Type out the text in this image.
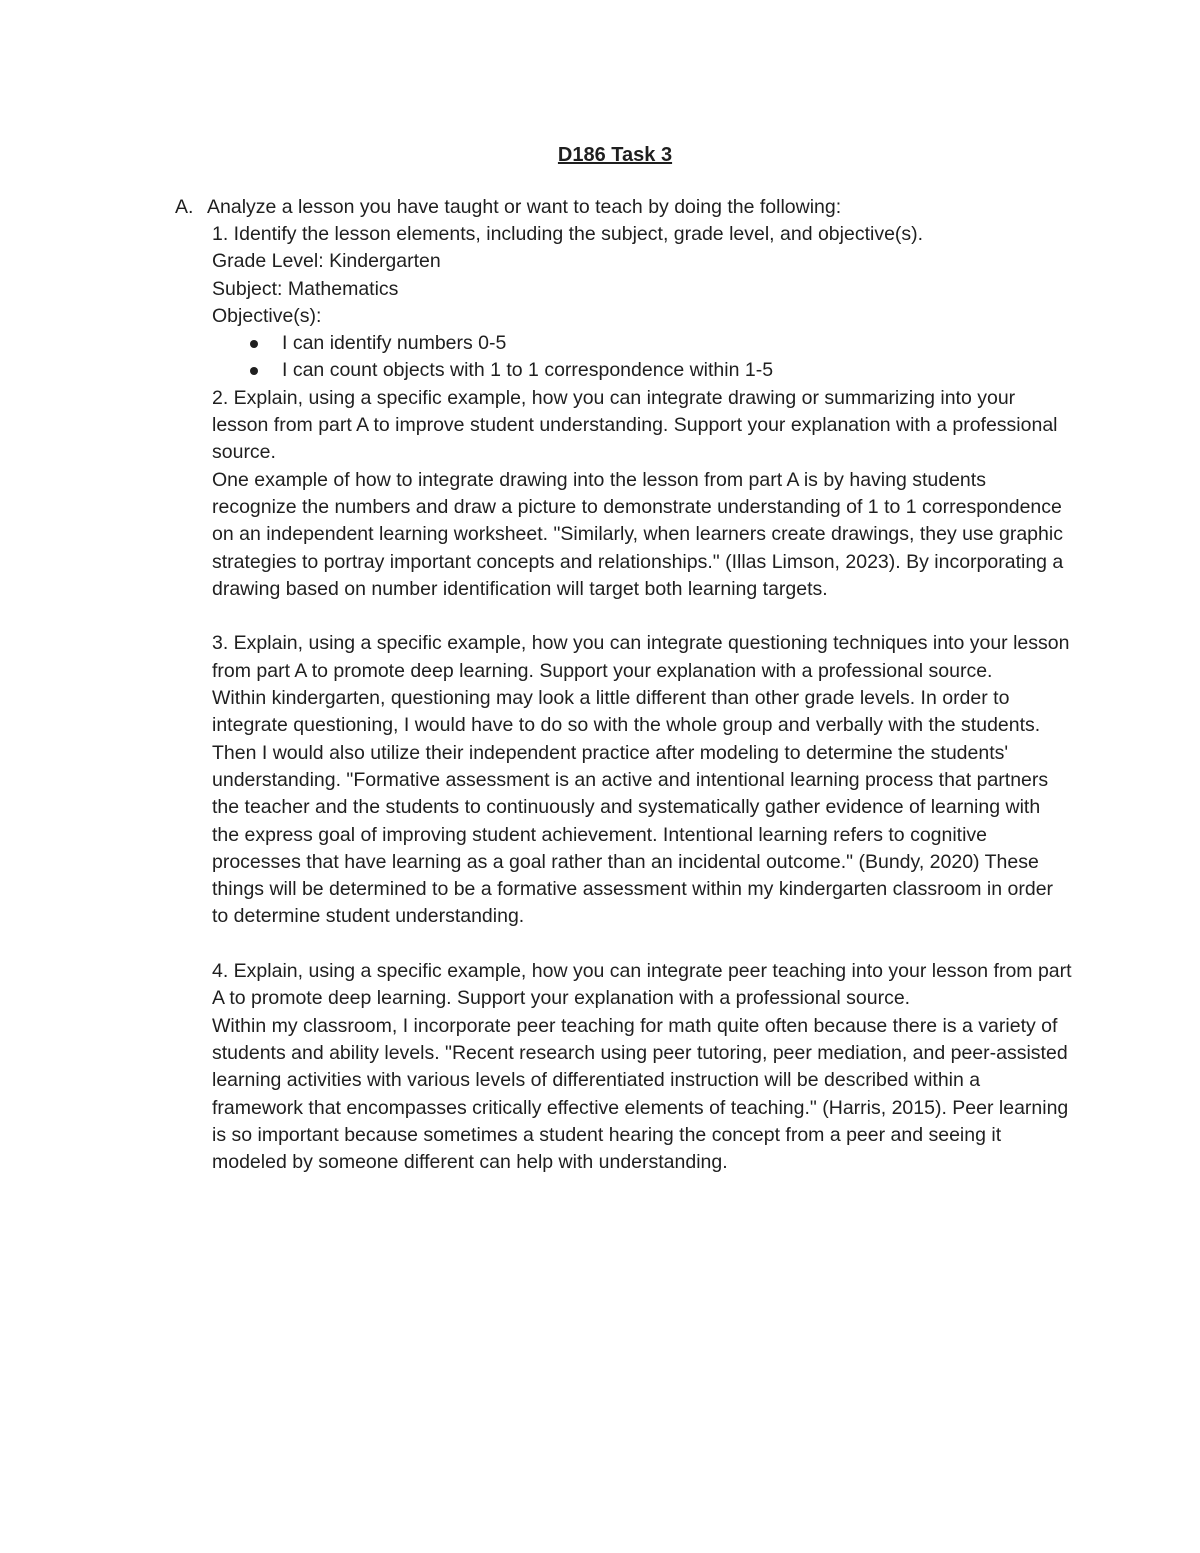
D186 Task 3
A. Analyze a lesson you have taught or want to teach by doing the following:

1. Identify the lesson elements, including the subject, grade level, and objective(s).

Grade Level: Kindergarten

Subject: Mathematics

Objective(s):

I can identify numbers 0-5
I can count objects with 1 to 1 correspondence within 1-5

2. Explain, using a specific example, how you can integrate drawing or summarizing into your lesson from part A to improve student understanding. Support your explanation with a professional source.

One example of how to integrate drawing into the lesson from part A is by having students recognize the numbers and draw a picture to demonstrate understanding of 1 to 1 correspondence on an independent learning worksheet. "Similarly, when learners create drawings, they use graphic strategies to portray important concepts and relationships." (Illas Limson, 2023). By incorporating a drawing based on number identification will target both learning targets.

3. Explain, using a specific example, how you can integrate questioning techniques into your lesson from part A to promote deep learning. Support your explanation with a professional source.

Within kindergarten, questioning may look a little different than other grade levels. In order to integrate questioning, I would have to do so with the whole group and verbally with the students. Then I would also utilize their independent practice after modeling to determine the students' understanding. "Formative assessment is an active and intentional learning process that partners the teacher and the students to continuously and systematically gather evidence of learning with the express goal of improving student achievement. Intentional learning refers to cognitive processes that have learning as a goal rather than an incidental outcome." (Bundy, 2020) These things will be determined to be a formative assessment within my kindergarten classroom in order to determine student understanding.

4. Explain, using a specific example, how you can integrate peer teaching into your lesson from part A to promote deep learning. Support your explanation with a professional source.

Within my classroom, I incorporate peer teaching for math quite often because there is a variety of students and ability levels. "Recent research using peer tutoring, peer mediation, and peer-assisted learning activities with various levels of differentiated instruction will be described within a framework that encompasses critically effective elements of teaching." (Harris, 2015). Peer learning is so important because sometimes a student hearing the concept from a peer and seeing it modeled by someone different can help with understanding.
